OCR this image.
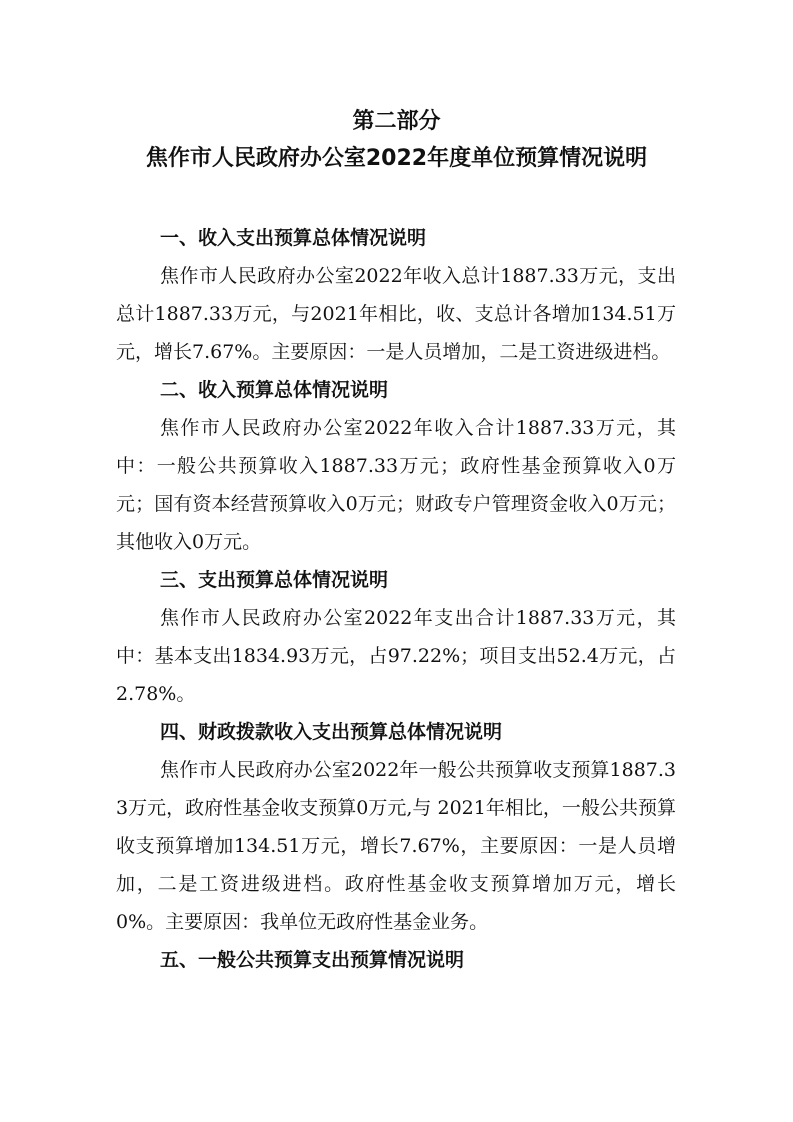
第二部分
焦作市人民政府办公室2022年度单位预算情况说明
一、收入支出预算总体情况说明

焦作市人民政府办公室2022年收入总计1887.33万元，支出总计1887.33万元，与2021年相比，收、支总计各增加134.51万元，增长7.67%。主要原因：一是人员增加，二是工资进级进档。

二、收入预算总体情况说明

焦作市人民政府办公室2022年收入合计1887.33万元，其中：一般公共预算收入1887.33万元；政府性基金预算收入0万元；国有资本经营预算收入0万元；财政专户管理资金收入0万元；其他收入0万元。

三、支出预算总体情况说明

焦作市人民政府办公室2022年支出合计1887.33万元，其中：基本支出1834.93万元，占97.22%；项目支出52.4万元，占2.78%。

四、财政拨款收入支出预算总体情况说明

焦作市人民政府办公室2022年一般公共预算收支预算1887.33万元，政府性基金收支预算0万元,与 2021年相比，一般公共预算收支预算增加134.51万元，增长7.67%，主要原因：一是人员增加，二是工资进级进档。政府性基金收支预算增加万元，增长0%。主要原因：我单位无政府性基金业务。

五、一般公共预算支出预算情况说明
